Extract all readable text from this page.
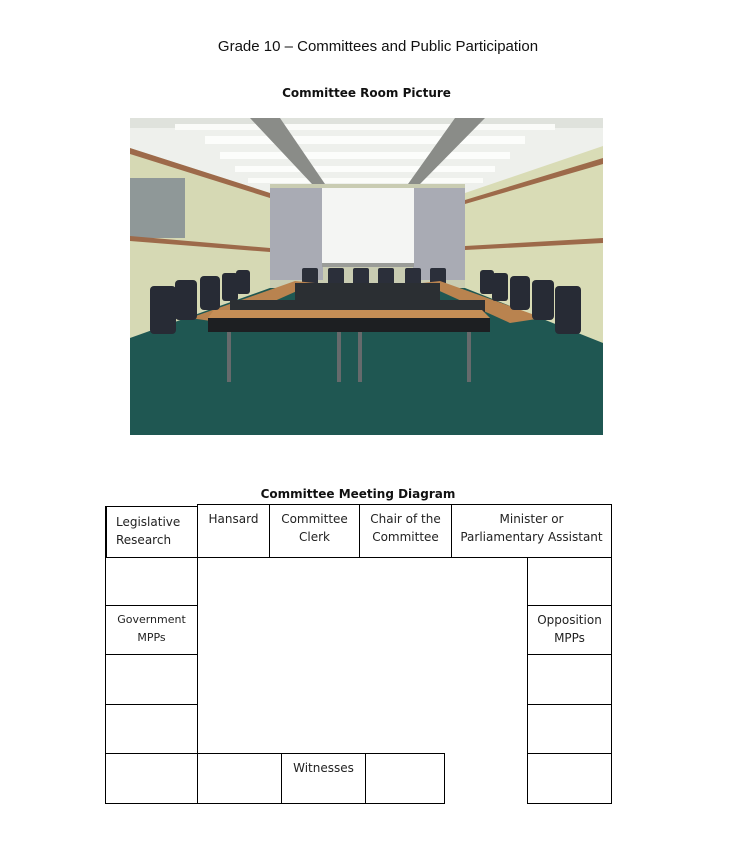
Grade 10 – Committees and Public Participation
Committee Room Picture
Committee Meeting Diagram
Legislative
Research
Hansard	Committee
Clerk
Chair of the
Committee
Minister or
Parliamentary Assistant
Government
MPPs
Opposition
MPPs
Witnesses
